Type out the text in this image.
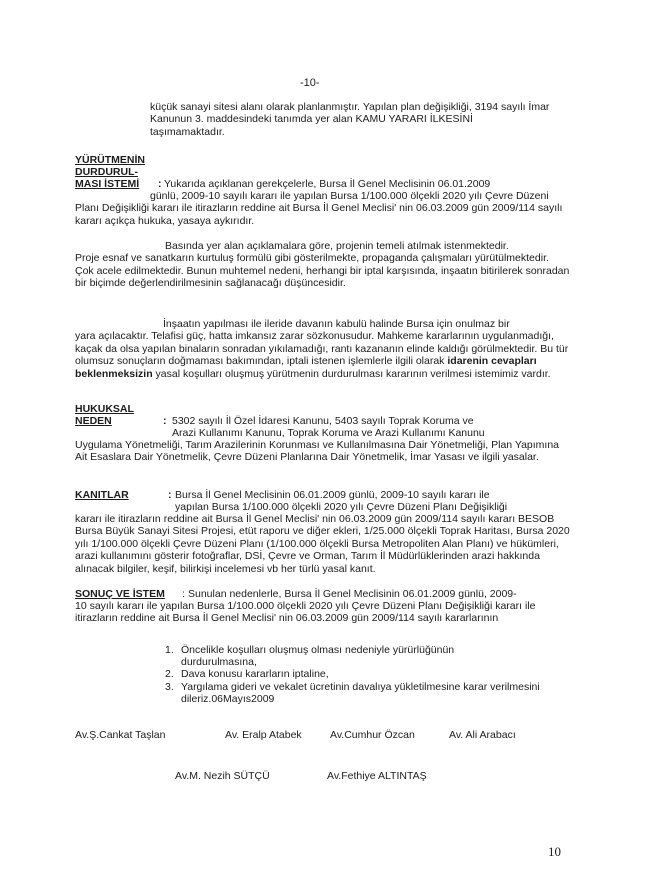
-10-
küçük sanayi sitesi alanı olarak planlanmıştır. Yapılan plan değişikliği, 3194 sayılı İmar Kanunun 3. maddesindeki tanımda yer alan KAMU YARARI İLKESİNİ taşımamaktadır.
YÜRÜTMENİN
DURDURUL-
MASI İSTEMİ : Yukarıda açıklanan gerekçelerle, Bursa İl Genel Meclisinin 06.01.2009
günlü, 2009-10 sayılı kararı ile yapılan Bursa 1/100.000 ölçekli 2020 yılı Çevre Düzeni Planı Değişikliği kararı ile itirazların reddine ait Bursa İl Genel Meclisi' nin 06.03.2009 gün 2009/114 sayılı kararı açıkça hukuka, yasaya aykırıdır.
Basında yer alan açıklamalara göre, projenin temeli atılmak istenmektedir.
Proje esnaf ve sanatkarın kurtuluş formülü gibi gösterilmekte, propaganda çalışmaları yürütülmektedir. Çok acele edilmektedir. Bunun muhtemel nedeni, herhangi bir iptal karşısında, inşaatın bitirilerek sonradan bir biçimde değerlendirilmesinin sağlanacağı düşüncesidir.
İnşaatın yapılması ile ileride davanın kabulü halinde Bursa için onulmaz bir
yara açılacaktır. Telafisi güç, hatta imkansız zarar sözkonusudur. Mahkeme kararlarının uygulanmadığı, kaçak da olsa yapılan binaların sonradan yıkılamadığı, rantı kazananın elinde kaldığı görülmektedir. Bu tür olumsuz sonuçların doğmaması bakımından, iptali istenen işlemlerle ilgili olarak idarenin cevapları beklenmeksizin yasal koşulları oluşmuş yürütmenin durdurulması kararının verilmesi istemimiz vardır.
HUKUKSAL
NEDEN	: 5302 sayılı İl Özel İdaresi Kanunu, 5403 sayılı Toprak Koruma ve
Arazi Kullanımı Kanunu, Toprak Koruma ve Arazi Kullanımı Kanunu
Uygulama Yönetmeliği, Tarım Arazilerinin Korunması ve Kullanılmasına Dair Yönetmeliği, Plan Yapımına Ait Esaslara Dair Yönetmelik, Çevre Düzeni Planlarına Dair Yönetmelik, İmar Yasası ve ilgili yasalar.
KANITLAR	: Bursa İl Genel Meclisinin 06.01.2009 günlü, 2009-10 sayılı kararı ile
yapılan Bursa 1/100.000 ölçekli 2020 yılı Çevre Düzeni Planı Değişikliği
kararı ile itirazların reddine ait Bursa İl Genel Meclisi' nin 06.03.2009 gün 2009/114 sayılı kararı BESOB Bursa Büyük Sanayi Sitesi Projesi, etüt raporu ve diğer ekleri, 1/25.000 ölçekli Toprak Haritası, Bursa 2020 yılı 1/100.000 ölçekli Çevre Düzeni Planı (1/100.000 ölçekli Bursa Metropoliten Alan Planı) ve hükümleri, arazi kullanımını gösterir fotoğraflar, DSİ, Çevre ve Orman, Tarım İl Müdürlüklerinden arazi hakkında alınacak bilgiler, keşif, bilirkişi incelemesi vb her türlü yasal kanıt.
SONUÇ VE İSTEM : Sunulan nedenlerle, Bursa İl Genel Meclisinin 06.01.2009 günlü, 2009-
10 sayılı kararı ile yapılan Bursa 1/100.000 ölçekli 2020 yılı Çevre Düzeni Planı Değişikliği kararı ile itirazların reddine ait Bursa İl Genel Meclisi' nin 06.03.2009 gün 2009/114 sayılı kararlarının
1. Öncelikle koşulları oluşmuş olması nedeniyle yürürlüğünün durdurulmasına,
2. Dava konusu kararların iptaline,
3. Yargılama gideri ve vekalet ücretinin davalıya yükletilmesine karar verilmesini dileriz.06Mayıs2009
Av.Ş.Cankat Taşlan	Av. Eralp Atabek	Av.Cumhur Özcan	Av. Ali Arabacı
Av.M. Nezih SÜTÇÜ	Av.Fethiye ALTINTAŞ
10
